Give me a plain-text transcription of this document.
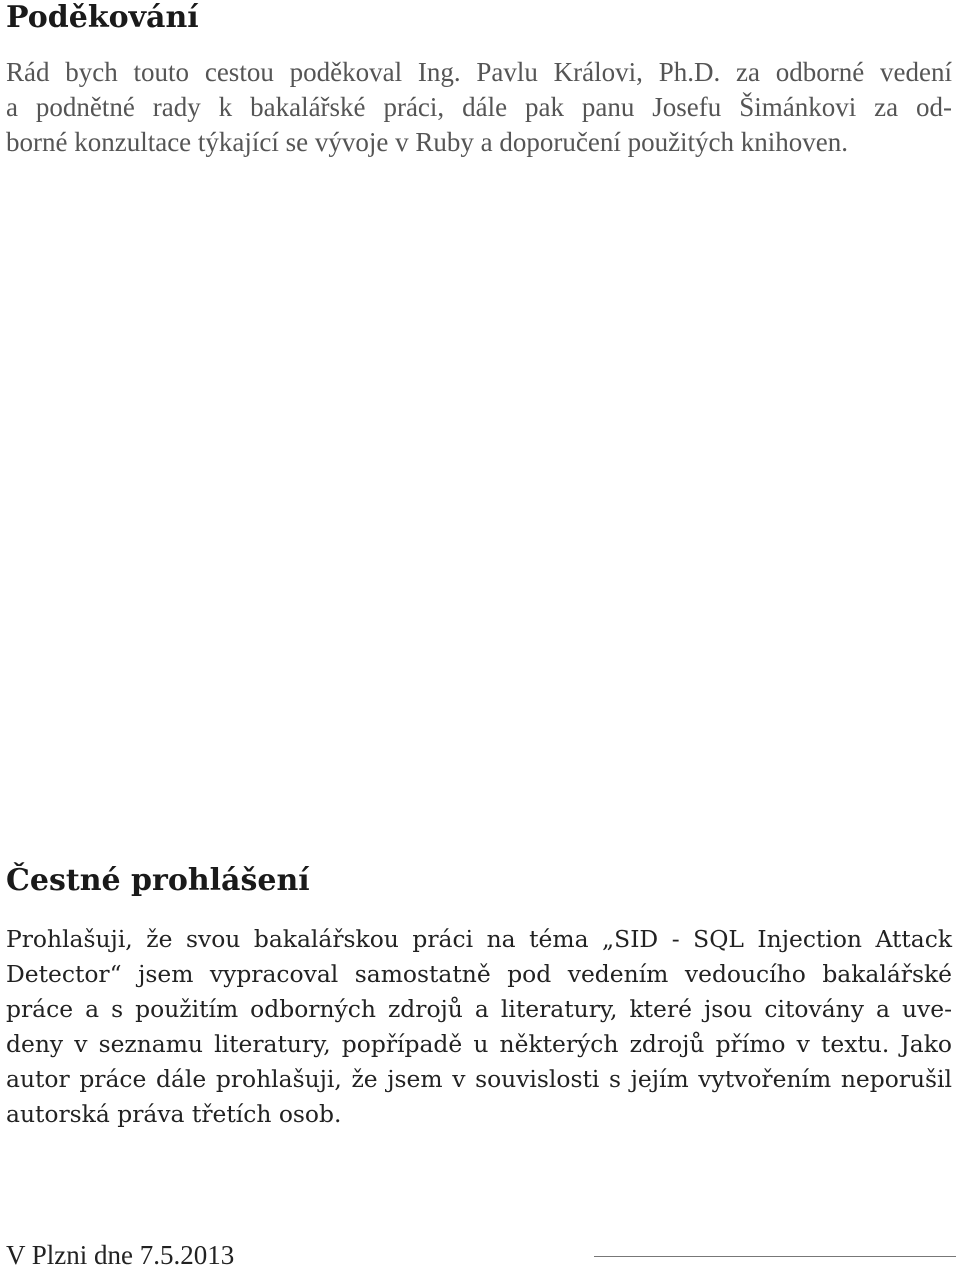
Poděkování
Rád bych touto cestou poděkoval Ing. Pavlu Královi, Ph.D. za odborné vedení
a podnětné rady k bakalářské práci, dále pak panu Josefu Šimánkovi za od-
borné konzultace týkající se vývoje v Ruby a doporučení použitých knihoven.
Čestné prohlášení
Prohlašuji, že svou bakalářskou práci na téma „SID - SQL Injection Attack
Detector“ jsem vypracoval samostatně pod vedením vedoucího bakalářské
práce a s použitím odborných zdrojů a literatury, které jsou citovány a uve-
deny v seznamu literatury, popřípadě u některých zdrojů přímo v textu. Jako
autor práce dále prohlašuji, že jsem v souvislosti s jejím vytvořením neporušil
autorská práva třetích osob.
V Plzni dne 7.5.2013
